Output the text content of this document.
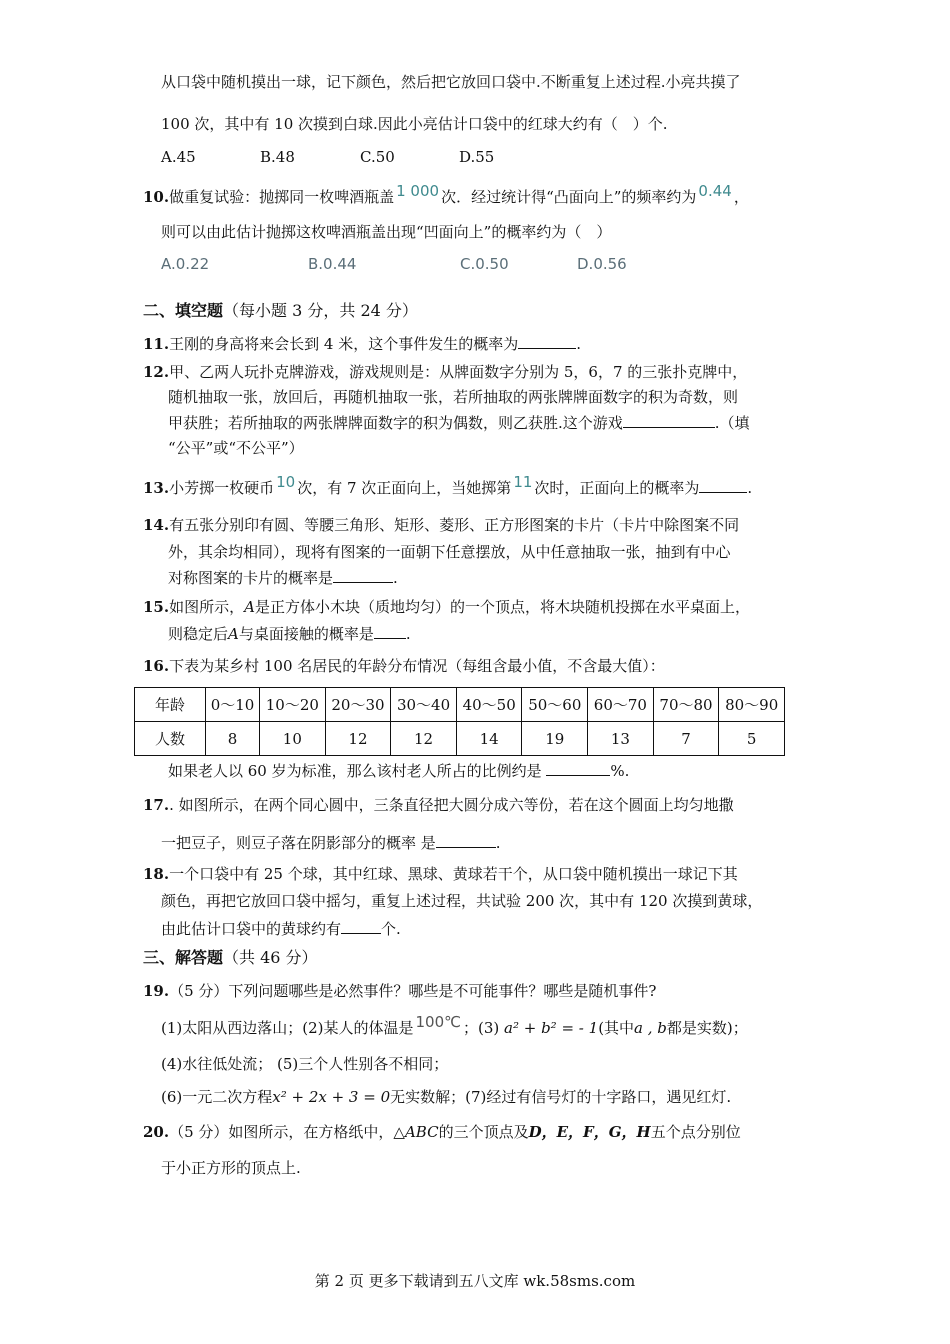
从口袋中随机摸出一球，记下颜色，然后把它放回口袋中.不断重复上述过程.小亮共摸了
100 次，其中有 10 次摸到白球.因此小亮估计口袋中的红球大约有（　）个.
A.45	B.48	C.50	D.55
10.做重复试验：抛掷同一枚啤酒瓶盖 1 000 次．经过统计得“凸面向上”的频率约为 0.44 ，
则可以由此估计抛掷这枚啤酒瓶盖出现“凹面向上”的概率约为（　）
A.0.22	B.0.44	C.0.50	D.0.56
二、填空题（每小题 3 分，共 24 分）
11.王刚的身高将来会长到 4 米，这个事件发生的概率为	.
12.甲、乙两人玩扑克牌游戏，游戏规则是：从牌面数字分别为 5，6，7 的三张扑克牌中，
随机抽取一张，放回后，再随机抽取一张，若所抽取的两张牌牌面数字的积为奇数，则
甲获胜；若所抽取的两张牌牌面数字的积为偶数，则乙获胜.这个游戏	.（填
“公平”或“不公平”）
13.小芳掷一枚硬币 10 次，有 7 次正面向上，当她掷第 11 次时，正面向上的概率为	.
14.有五张分别印有圆、等腰三角形、矩形、菱形、正方形图案的卡片（卡片中除图案不同
外，其余均相同），现将有图案的一面朝下任意摆放，从中任意抽取一张，抽到有中心
对称图案的卡片的概率是	.
15.如图所示，A是正方体小木块（质地均匀）的一个顶点，将木块随机投掷在水平桌面上，
则稳定后A与桌面接触的概率是 .
16.下表为某乡村 100 名居民的年龄分布情况（每组含最小值，不含最大值）：
年龄	0～10	10～20	20～30	30～40	40～50	50～60	60～70	70～80	80～90
人数	8	10	12	12	14	19	13	7	5
如果老人以 60 岁为标准，那么该村老人所占的比例约是	%.
17.. 如图所示，在两个同心圆中，三条直径把大圆分成六等份，若在这个圆面上均匀地撒
一把豆子，则豆子落在阴影部分的概率 是	.
18.一个口袋中有 25 个球，其中红球、黑球、黄球若干个，从口袋中随机摸出一球记下其
颜色，再把它放回口袋中摇匀，重复上述过程，共试验 200 次，其中有 120 次摸到黄球，
由此估计口袋中的黄球约有	个.
三、解答题（共 46 分）
19.（5 分）下列问题哪些是必然事件？哪些是不可能事件？哪些是随机事件?
(1)太阳从西边落山；(2)某人的体温是 100℃ ；(3) a² + b² = - 1(其中a , b都是实数)；
(4)水往低处流； (5)三个人性别各不相同；
(6)一元二次方程x² + 2x + 3 = 0无实数解；(7)经过有信号灯的十字路口，遇见红灯.
20.（5 分）如图所示，在方格纸中，△ABC的三个顶点及D，E，F，G，H五个点分别位
于小正方形的顶点上.
第 2 页 更多下载请到五八文库 wk.58sms.com
